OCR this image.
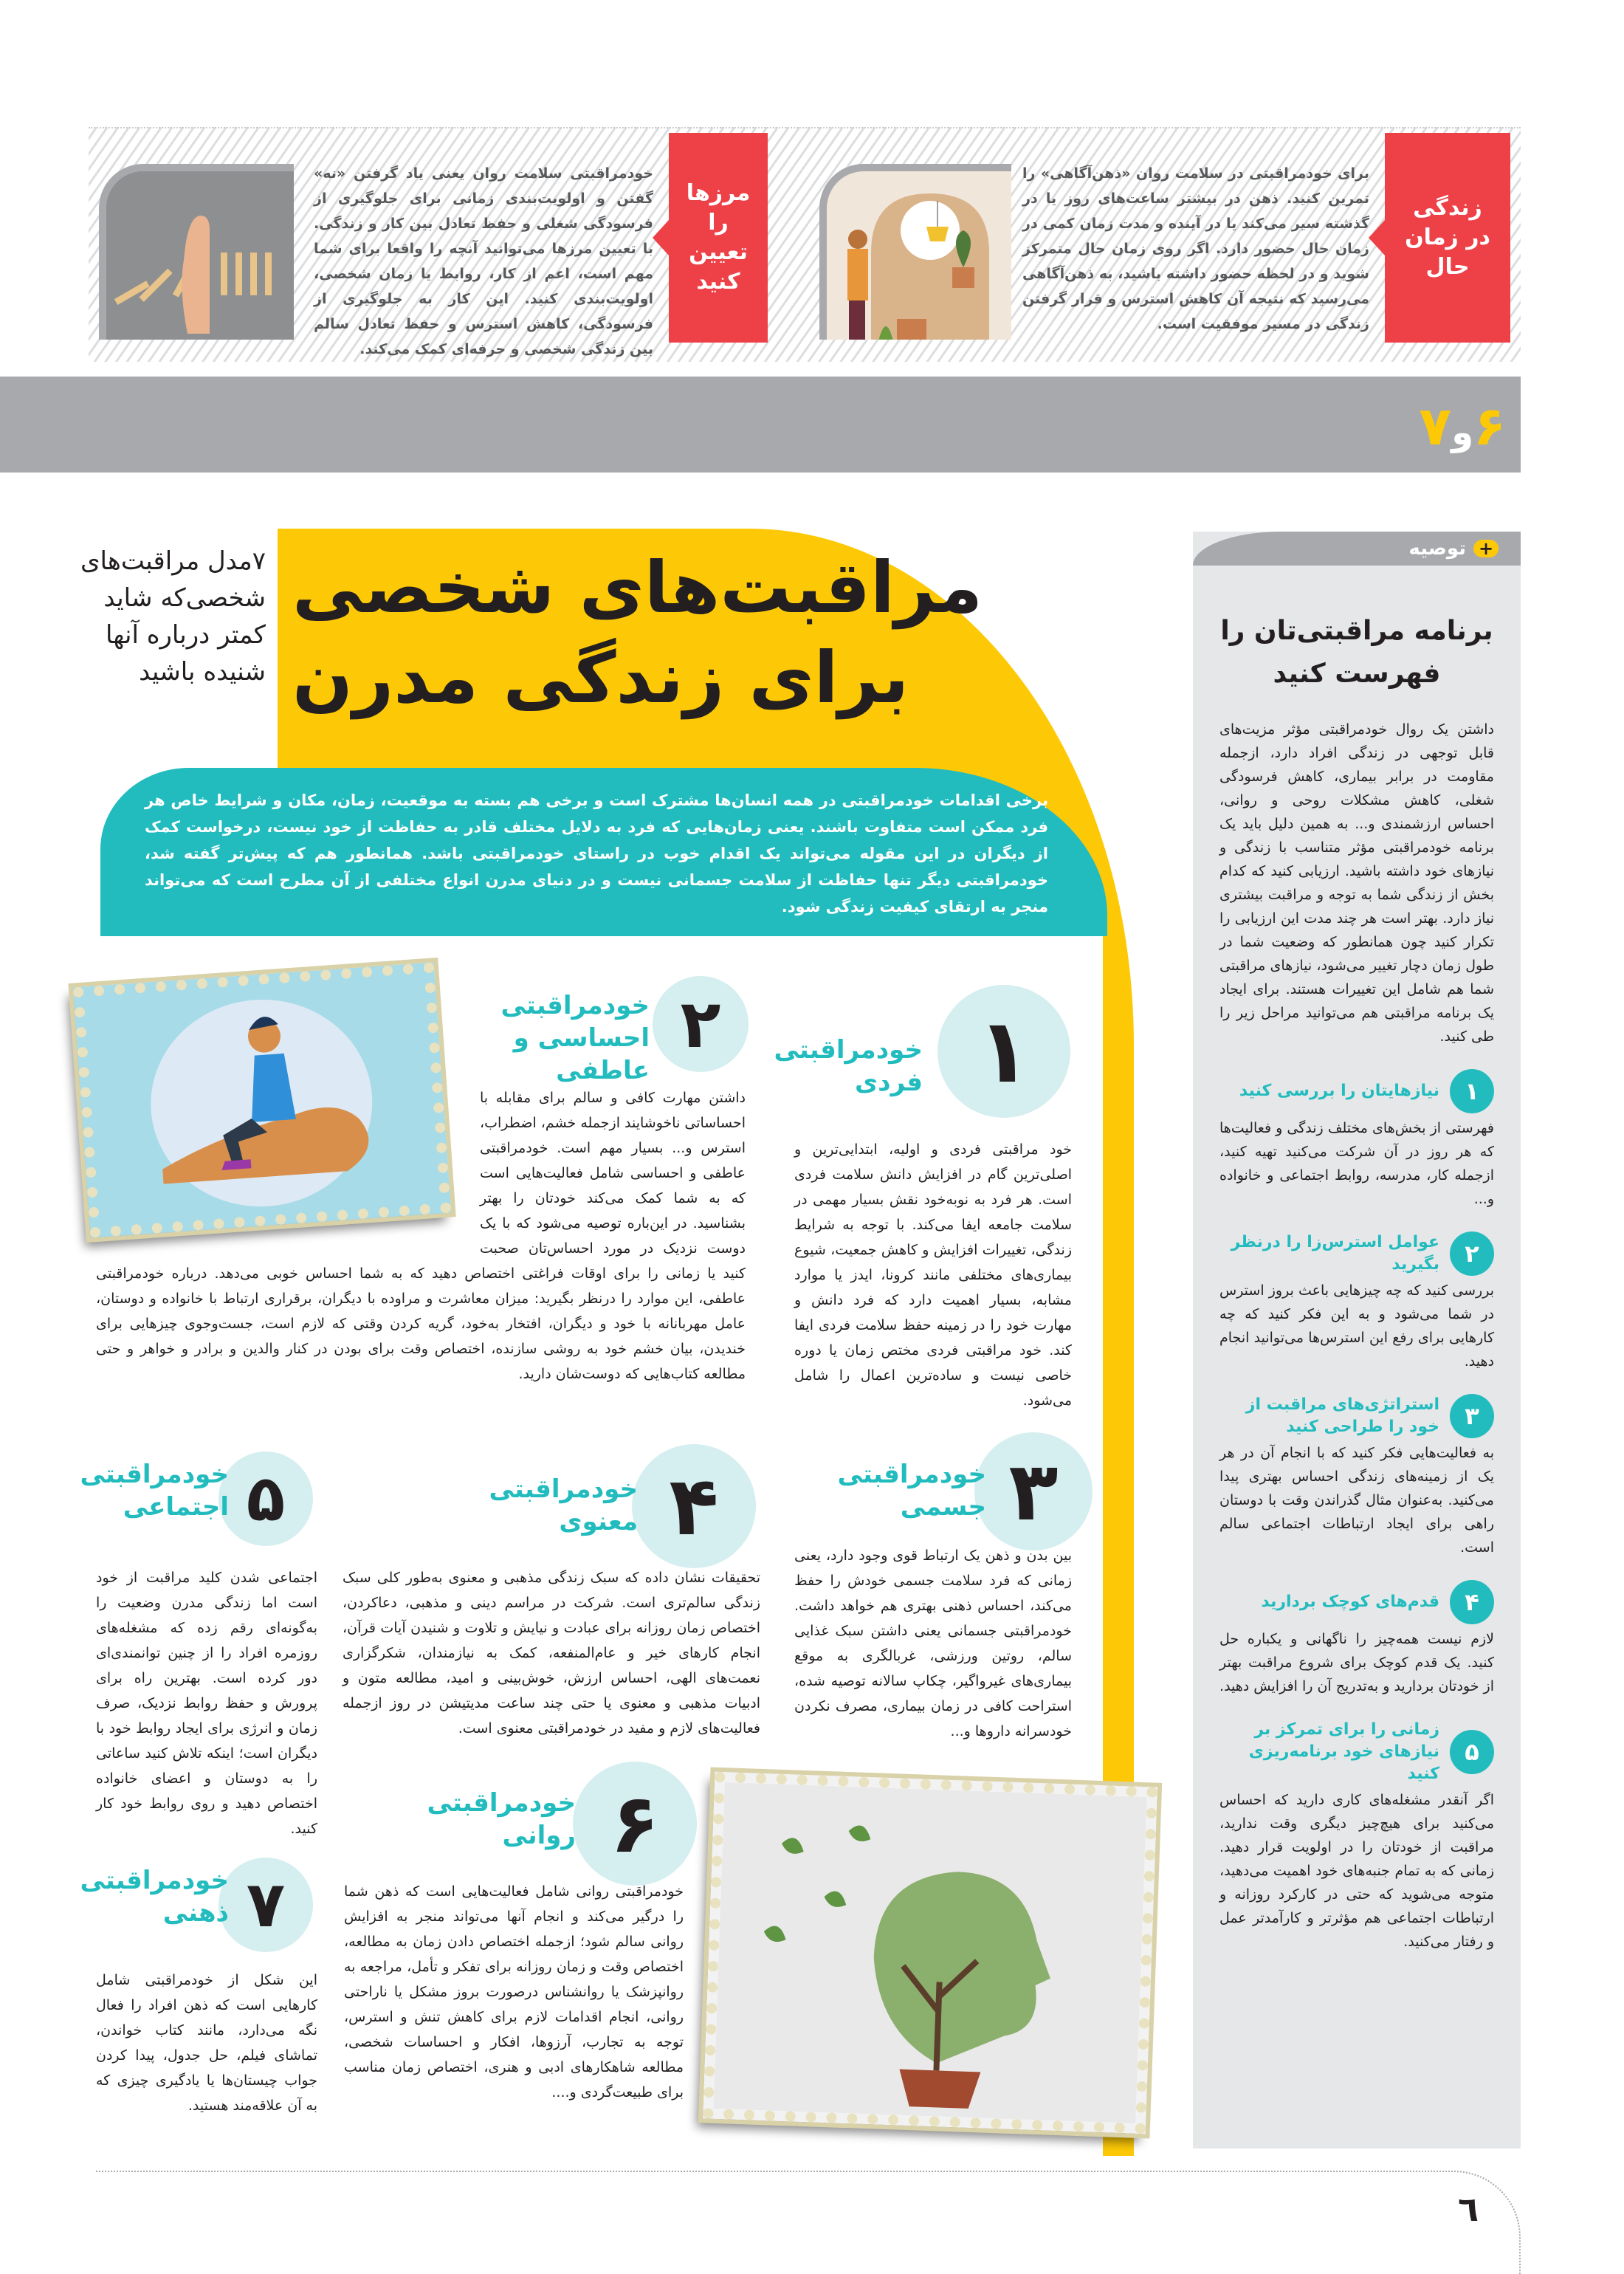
زندگی در زمان حال
برای خودمراقبتی در سلامت روان «ذهن‌آگاهی» را تمرین کنید. ذهن در بیشتر ساعت‌های روز یا در گذشته سیر می‌کند یا در آینده و مدت زمان کمی در زمان حال حضور دارد. اگر روی زمان حال متمرکز شوید و در لحظه حضور داشته باشید، به ذهن‌آگاهی می‌رسید که نتیجه آن کاهش استرس و قرار گرفتن زندگی در مسیر موفقیت است.
مرزها را تعیین کنید
خودمراقبتی سلامت روان یعنی یاد گرفتن «نه» گفتن و اولویت‌بندی زمانی برای جلوگیری از فرسودگی شغلی و حفظ تعادل بین کار و زندگی. با تعیین مرزها می‌توانید آنچه را واقعا برای شما مهم است، اعم از کار، روابط یا زمان شخصی، اولویت‌بندی کنید. این کار به جلوگیری از فرسودگی، کاهش استرس و حفظ تعادل سالم بین زندگی شخصی و حرفه‌ای کمک می‌کند.
۶و۷
مراقبت‌های شخصی
برای زندگی مدرن
۷مدل مراقبت‌های شخصی‌که شاید کمتر درباره آنها شنیده باشید
برخی اقدامات خودمراقبتی در همه انسان‌ها مشترک است و برخی هم بسته به موقعیت، زمان، مکان و شرایط خاص هر فرد ممکن است متفاوت باشند. یعنی زمان‌هایی که فرد به دلایل مختلف قادر به حفاظت از خود نیست، درخواست کمک از دیگران در این مقوله می‌تواند یک اقدام خوب در راستای خودمراقبتی باشد. همانطور هم که پیش‌تر گفته شد، خودمراقبتی دیگر تنها حفاظت از سلامت جسمانی نیست و در دنیای مدرن انواع مختلفی از آن مطرح است که می‌تواند منجر به ارتقای کیفیت زندگی شود.
+
توصیه
برنامه مراقبتی‌تان را فهرست کنید
داشتن یک روال خودمراقبتی مؤثر مزیت‌های قابل توجهی در زندگی افراد دارد، ازجمله مقاومت در برابر بیماری، کاهش فرسودگی شغلی، کاهش مشکلات روحی و روانی، احساس ارزشمندی و... به همین دلیل باید یک برنامه خودمراقبتی مؤثر متناسب با زندگی و نیازهای خود داشته باشید. ارزیابی کنید که کدام بخش از زندگی شما به توجه و مراقبت بیشتری نیاز دارد. بهتر است هر چند مدت این ارزیابی را تکرار کنید چون همانطور که وضعیت شما در طول زمان دچار تغییر می‌شود، نیازهای مراقبتی شما هم شامل این تغییرات هستند. برای ایجاد یک برنامه مراقبتی هم می‌توانید مراحل زیر را طی کنید.
۱
نیازهایتان را بررسی کنید
فهرستی از بخش‌های مختلف زندگی و فعالیت‌ها که هر روز در آن شرکت می‌کنید تهیه کنید، ازجمله کار، مدرسه، روابط اجتماعی و خانواده و...
۲
عوامل استرس‌زا را درنظر بگیرید
بررسی کنید که چه چیزهایی باعث بروز استرس در شما می‌شود و به این فکر کنید که چه کارهایی برای رفع این استرس‌ها می‌توانید انجام دهید.
۳
استراتژی‌های مراقبت از خود را طراحی کنید
به فعالیت‌هایی فکر کنید که با انجام آن در هر یک از زمینه‌های زندگی احساس بهتری پیدا می‌کنید. به‌عنوان مثال گذراندن وقت با دوستان راهی برای ایجاد ارتباطات اجتماعی سالم است.
۴
قدم‌های کوچک بردارید
لازم نیست همه‌چیز را ناگهانی و یکباره حل کنید. یک قدم کوچک برای شروع مراقبت بهتر از خودتان بردارید و به‌تدریج آن را افزایش دهید.
۵
زمانی را برای تمرکز بر نیازهای خود برنامه‌ریزی کنید
اگر آنقدر مشغله‌های کاری دارید که احساس می‌کنید برای هیچ‌چیز دیگری وقت ندارید، مراقبت از خودتان را در اولویت قرار دهید. زمانی که به تمام جنبه‌های خود اهمیت می‌دهید، متوجه می‌شوید که حتی در کارکرد روزانه و ارتباطات اجتماعی هم مؤثرتر و کارآمدتر عمل و رفتار می‌کنید.
۱
خودمراقبتی فردی
خود مراقبتی فردی و اولیه، ابتدایی‌ترین و اصلی‌ترین گام در افزایش دانش سلامت فردی است. هر فرد به نوبه‌خود نقش بسیار مهمی در سلامت جامعه ایفا می‌کند. با توجه به شرایط زندگی، تغییرات افزایش و کاهش جمعیت، شیوع بیماری‌های مختلفی مانند کرونا، ایدز یا موارد مشابه، بسیار اهمیت دارد که فرد دانش و مهارت خود را در زمینه حفظ سلامت فردی ایفا کند. خود مراقبتی فردی مختص زمان یا دوره خاصی نیست و ساده‌ترین اعمال را شامل می‌شود.
۲
خودمراقبتی احساسی و عاطفی
داشتن مهارت کافی و سالم برای مقابله با احساساتی ناخوشایند ازجمله خشم، اضطراب، استرس و... بسیار مهم است. خودمراقبتی عاطفی و احساسی شامل فعالیت‌هایی است که به شما کمک می‌کند خودتان را بهتر بشناسید. در این‌باره توصیه می‌شود که با یک دوست نزدیک در مورد احساس‌تان صحبت کنید یا زمانی را برای اوقات فراغتی اختصاص دهید که به شما احساس خوبی می‌دهد. درباره خودمراقبتی عاطفی، این موارد را درنظر بگیرید: میزان معاشرت و مراوده با دیگران، برقراری ارتباط با خانواده و دوستان، عامل مهربانانه با خود و دیگران، افتخار به‌خود، گریه کردن وقتی که لازم است، جست‌وجوی چیزهایی برای خندیدن، بیان خشم خود به روشی سازنده، اختصاص وقت برای بودن در کنار والدین و برادر و خواهر و حتی مطالعه کتاب‌هایی که دوست‌شان دارید.
۳
خودمراقبتی جسمی
بین بدن و ذهن یک ارتباط قوی وجود دارد، یعنی زمانی که فرد سلامت جسمی خودش را حفظ می‌کند، احساس ذهنی بهتری هم خواهد داشت. خودمراقبتی جسمانی یعنی داشتن سبک غذایی سالم، روتین ورزشی، غربالگری به موقع بیماری‌های غیرواگیر، چکاپ سالانه توصیه شده، استراحت کافی در زمان بیماری، مصرف نکردن خودسرانه داروها و...
۴
خودمراقبتی معنوی
تحقیقات نشان داده که سبک زندگی مذهبی و معنوی به‌طور کلی سبک زندگی سالم‌تری است. شرکت در مراسم دینی و مذهبی، دعاکردن، اختصاص زمان روزانه برای عبادت و نیایش و تلاوت و شنیدن آیات قرآن، انجام کارهای خیر و عام‌المنفعه، کمک به نیازمندان، شکرگزاری نعمت‌های الهی، احساس ارزش، خوش‌بینی و امید، مطالعه متون و ادبیات مذهبی و معنوی یا حتی چند ساعت مدیتیشن در روز ازجمله فعالیت‌های لازم و مفید در خودمراقبتی معنوی است.
۵
خودمراقبتی اجتماعی
اجتماعی شدن کلید مراقبت از خود است اما زندگی مدرن وضعیت را به‌گونه‌ای رقم زده که مشغله‌های روزمره افراد را از چنین توانمندی‌ای دور کرده است. بهترین راه برای پرورش و حفظ روابط نزدیک، صرف زمان و انرژی برای ایجاد روابط خود با دیگران است؛ اینکه تلاش کنید ساعاتی را به دوستان و اعضای خانواده اختصاص دهید و روی روابط خود کار کنید.	۶
خودمراقبتی روانی
خودمراقبتی روانی شامل فعالیت‌هایی است که ذهن شما را درگیر می‌کند و انجام آنها می‌تواند منجر به افزایش روانی سالم شود؛ ازجمله اختصاص دادن زمان به مطالعه، اختصاص وقت و زمان روزانه برای تفکر و تأمل، مراجعه به روانپزشک یا روانشناس درصورت بروز مشکل یا ناراحتی روانی، انجام اقدامات لازم برای کاهش تنش و استرس، توجه به تجارب، آرزوها، افکار و احساسات شخصی، مطالعه شاهکارهای ادبی و هنری، اختصاص زمان مناسب برای طبیعت‌گردی و....
۷
خودمراقبتی ذهنی
این شکل از خودمراقبتی شامل کارهایی است که ذهن افراد را فعال نگه می‌دارد، مانند کتاب خواندن، تماشای فیلم، حل جدول، پیدا کردن جواب چیستان‌ها یا یادگیری چیزی که به آن علاقه‌مند هستید.
٦
